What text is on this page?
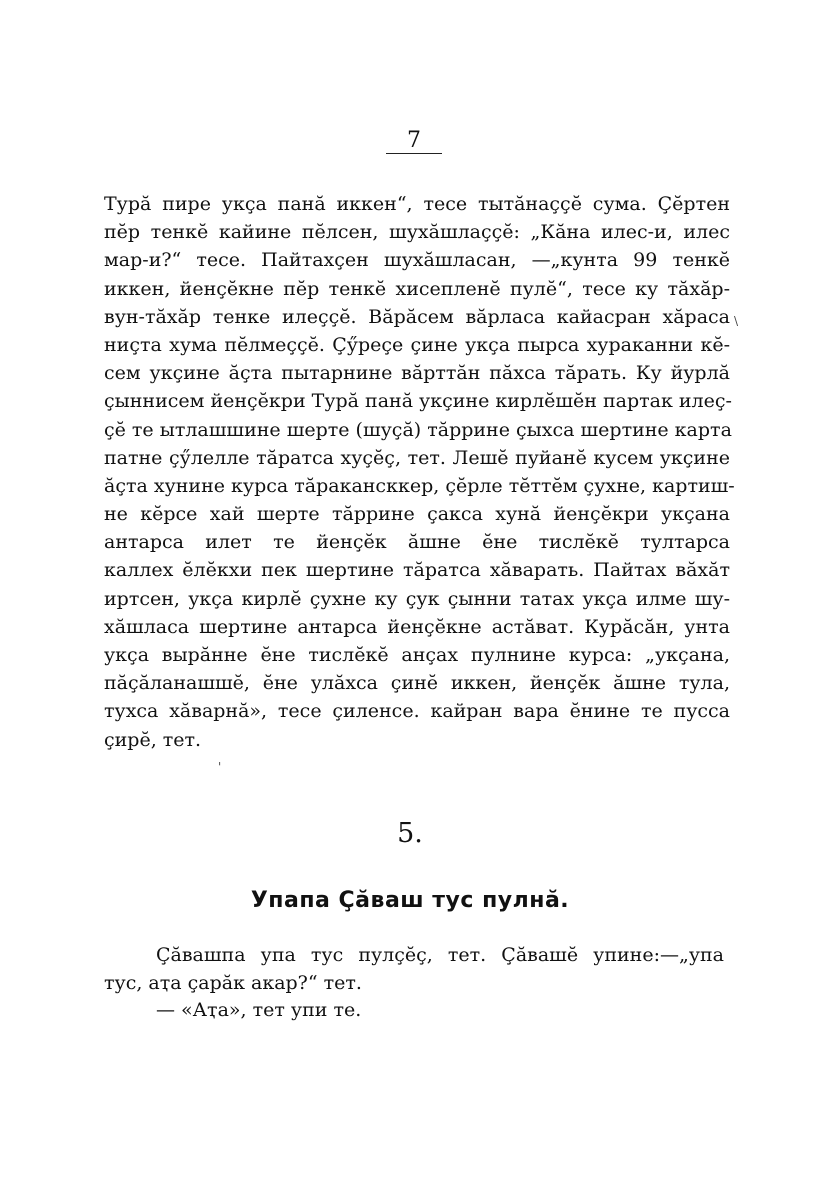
7
Турӑ пире укҫа панӑ иккен“, тесе тытӑнаҫҫӗ сума. Ҫӗртен
пӗр тенкӗ кайине пӗлсен, шухӑшлаҫҫӗ: „Кӑна илес-и, илес
мар-и?“ тесе. Пайтахҫен шухӑшласан, —„кунта 99 тенкӗ
иккен, йенҫӗкне пӗр тенкӗ хисепленӗ пулӗ“, тесе ку тӑхӑр-
вун-тӑхӑр тенке илеҫҫӗ. Вӑрӑсем вӑрласа кайасран хӑраса
ниҫта хума пӗлмеҫҫӗ. Ҫӳреҫе ҫине укҫа пырса хураканни кӗ-
сем укҫине ӑҫта пытарнине вӑрттӑн пӑхса тӑрать. Ку йурлӑ
ҫыннисем йенҫӗкри Турӑ панӑ укҫине кирлӗшӗн партак илеҫ-
ҫӗ те ытлашшине шерте (шуҫӑ) тӑррине ҫыхса шертине карта
патне ҫӳлелле тӑратса хуҫӗҫ, тет. Лешӗ пуйанӗ кусем укҫине
ӑҫта хунине курса тӑракансккер, ҫӗрле тӗттӗм ҫухне, картиш-
не кӗрсе хай шерте тӑррине ҫакса хунӑ йенҫӗкри укҫана
антарса илет те йенҫӗк ӑшне ӗне тислӗкӗ тултарса
каллех ӗлӗкхи пек шертине тӑратса хӑварать. Пайтах вӑхӑт
иртсен, укҫа кирлӗ ҫухне ку ҫук ҫынни татах укҫа илме шу-
хӑшласа шертине антарса йенҫӗкне астӑват. Курӑсӑн, унта
укҫа вырӑнне ӗне тислӗкӗ анҫах пулнине курса: „укҫана,
пӑҫӑланашшӗ, ӗне улӑхса ҫинӗ иккен, йенҫӗк ӑшне тула,
тухса хӑварнӑ», тесе ҫиленсе. кайран вара ӗнине те пусса
ҫирӗ, тет.
\
'
5.
Упапа Ҫӑваш тус пулнӑ.
Ҫӑвашпа упа тус пулҫӗҫ, тет. Ҫӑвашӗ упине:—„упа
тус, аҭа ҫарӑк акар?“ тет.
— «Аҭа», тет упи те.
